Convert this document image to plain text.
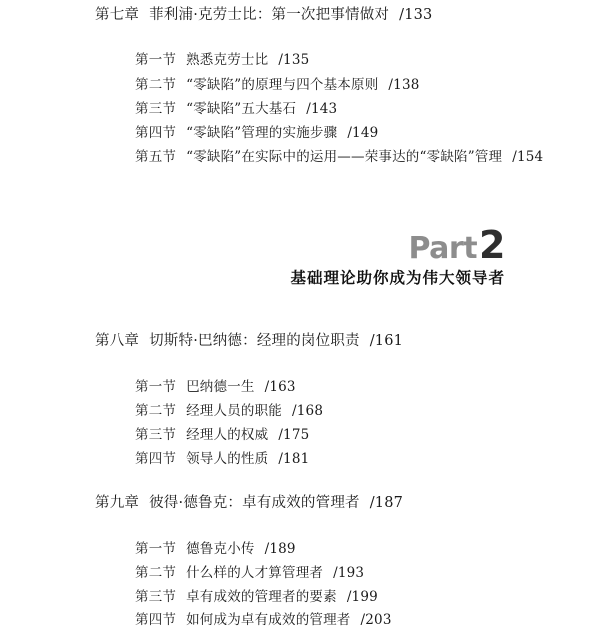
第七章 菲利浦·克劳士比：第一次把事情做对 /133
第一节 熟悉克劳士比 /135
第二节 “零缺陷”的原理与四个基本原则 /138
第三节 “零缺陷”五大基石 /143
第四节 “零缺陷”管理的实施步骤 /149
第五节 “零缺陷”在实际中的运用——荣事达的“零缺陷”管理 /154
Part2
基础理论助你成为伟大领导者
第八章 切斯特·巴纳德：经理的岗位职责 /161
第一节 巴纳德一生 /163
第二节 经理人员的职能 /168
第三节 经理人的权威 /175
第四节 领导人的性质 /181
第九章 彼得·德鲁克：卓有成效的管理者 /187
第一节 德鲁克小传 /189
第二节 什么样的人才算管理者 /193
第三节 卓有成效的管理者的要素 /199
第四节 如何成为卓有成效的管理者 /203
